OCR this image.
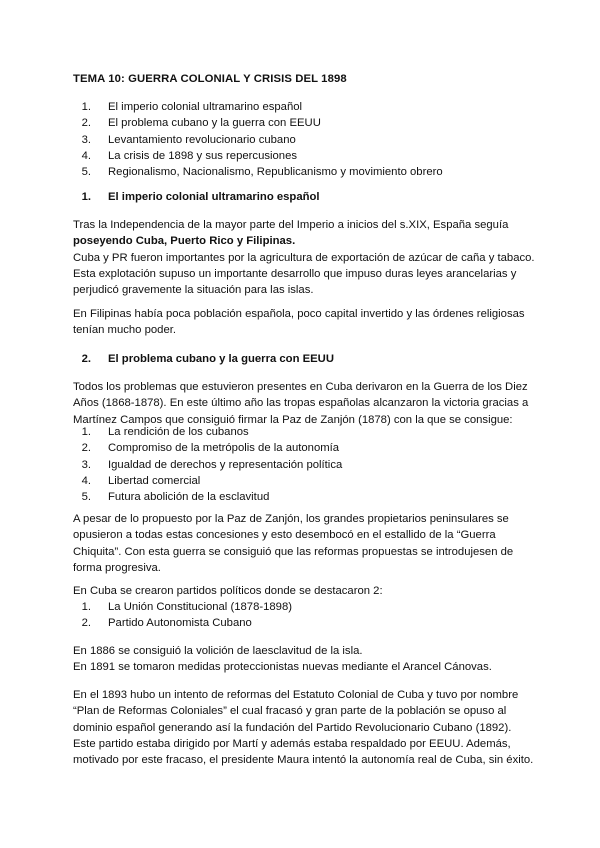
TEMA 10: GUERRA COLONIAL Y CRISIS DEL 1898
1. El imperio colonial ultramarino español
2. El problema cubano y la guerra con EEUU
3. Levantamiento revolucionario cubano
4. La crisis de 1898 y sus repercusiones
5. Regionalismo, Nacionalismo, Republicanismo y movimiento obrero
1. El imperio colonial ultramarino español

Tras la Independencia de la mayor parte del Imperio a inicios del s.XIX, España seguía
poseyendo Cuba, Puerto Rico y Filipinas.
Cuba y PR fueron importantes por la agricultura de exportación de azúcar de caña y tabaco.
Esta explotación supuso un importante desarrollo que impuso duras leyes arancelarias y
perjudicó gravemente la situación para las islas.

En Filipinas había poca población española, poco capital invertido y las órdenes religiosas
tenían mucho poder.

2. El problema cubano y la guerra con EEUU

Todos los problemas que estuvieron presentes en Cuba derivaron en la Guerra de los Diez
Años (1868-1878). En este último año las tropas españolas alcanzaron la victoria gracias a
Martínez Campos que consiguió firmar la Paz de Zanjón (1878) con la que se consigue:

1. La rendición de los cubanos
2. Compromiso de la metrópolis de la autonomía
3. Igualdad de derechos y representación política
4. Libertad comercial
5. Futura abolición de la esclavitud

A pesar de lo propuesto por la Paz de Zanjón, los grandes propietarios peninsulares se
opusieron a todas estas concesiones y esto desembocó en el estallido de la “Guerra
Chiquita”. Con esta guerra se consiguió que las reformas propuestas se introdujesen de
forma progresiva.

En Cuba se crearon partidos políticos donde se destacaron 2:

1. La Unión Constitucional (1878-1898)
2. Partido Autonomista Cubano

En 1886 se consiguió la volición de laesclavitud de la isla.
En 1891 se tomaron medidas proteccionistas nuevas mediante el Arancel Cánovas.

En el 1893 hubo un intento de reformas del Estatuto Colonial de Cuba y tuvo por nombre
“Plan de Reformas Coloniales” el cual fracasó y gran parte de la población se opuso al
dominio español generando así la fundación del Partido Revolucionario Cubano (1892).
Este partido estaba dirigido por Martí y además estaba respaldado por EEUU. Además,
motivado por este fracaso, el presidente Maura intentó la autonomía real de Cuba, sin éxito.
